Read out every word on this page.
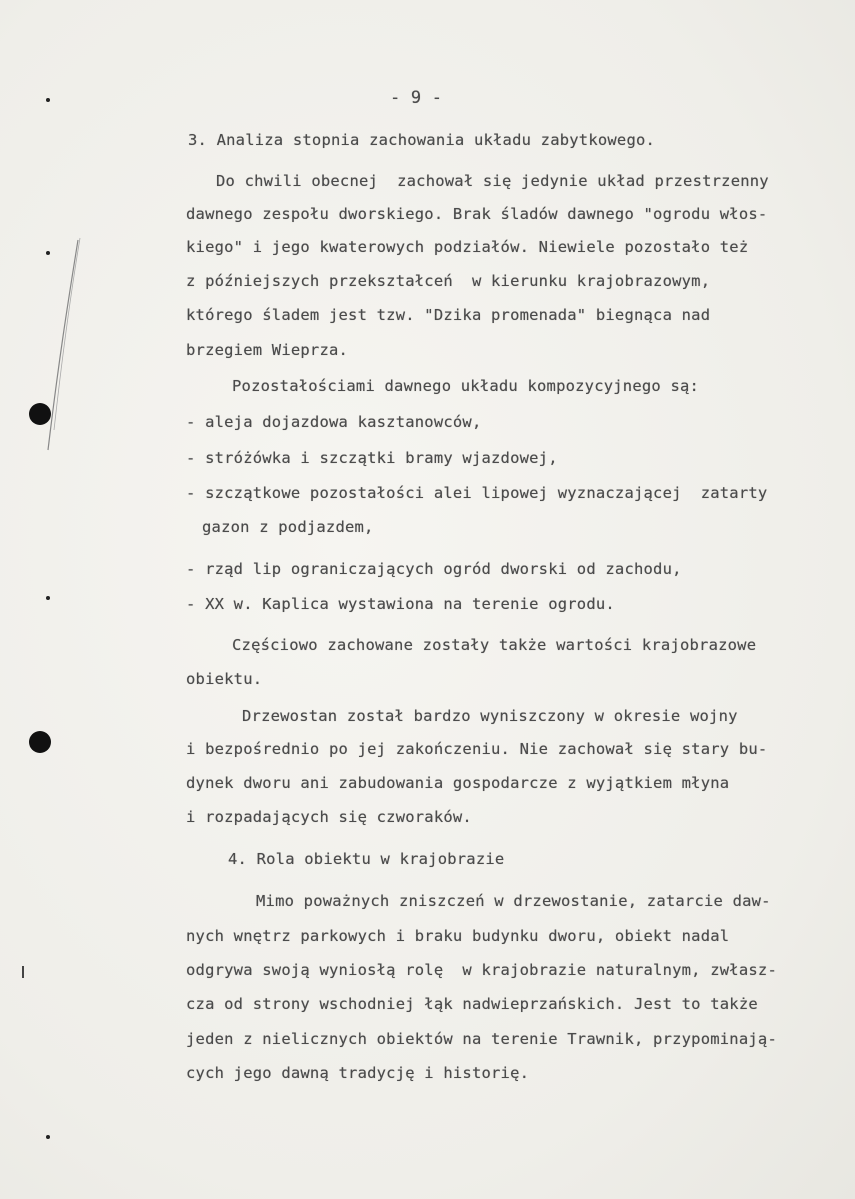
- 9 -
3. Analiza stopnia zachowania układu zabytkowego.
Do chwili obecnej  zachował się jedynie układ przestrzenny
dawnego zespołu dworskiego. Brak śladów dawnego "ogrodu włos-
kiego" i jego kwaterowych podziałów. Niewiele pozostało też
z późniejszych przekształceń  w kierunku krajobrazowym,
którego śladem jest tzw. "Dzika promenada" biegnąca nad
brzegiem Wieprza.
Pozostałościami dawnego układu kompozycyjnego są:
- aleja dojazdowa kasztanowców,
- stróżówka i szczątki bramy wjazdowej,
- szczątkowe pozostałości alei lipowej wyznaczającej  zatarty
gazon z podjazdem,
- rząd lip ograniczających ogród dworski od zachodu,
- XX w. Kaplica wystawiona na terenie ogrodu.
Częściowo zachowane zostały także wartości krajobrazowe
obiektu.
Drzewostan został bardzo wyniszczony w okresie wojny
i bezpośrednio po jej zakończeniu. Nie zachował się stary bu-
dynek dworu ani zabudowania gospodarcze z wyjątkiem młyna
i rozpadających się czworaków.
4. Rola obiektu w krajobrazie
Mimo poważnych zniszczeń w drzewostanie, zatarcie daw-
nych wnętrz parkowych i braku budynku dworu, obiekt nadal
odgrywa swoją wyniosłą rolę  w krajobrazie naturalnym, zwłasz-
cza od strony wschodniej łąk nadwieprzańskich. Jest to także
jeden z nielicznych obiektów na terenie Trawnik, przypominają-
cych jego dawną tradycję i historię.
